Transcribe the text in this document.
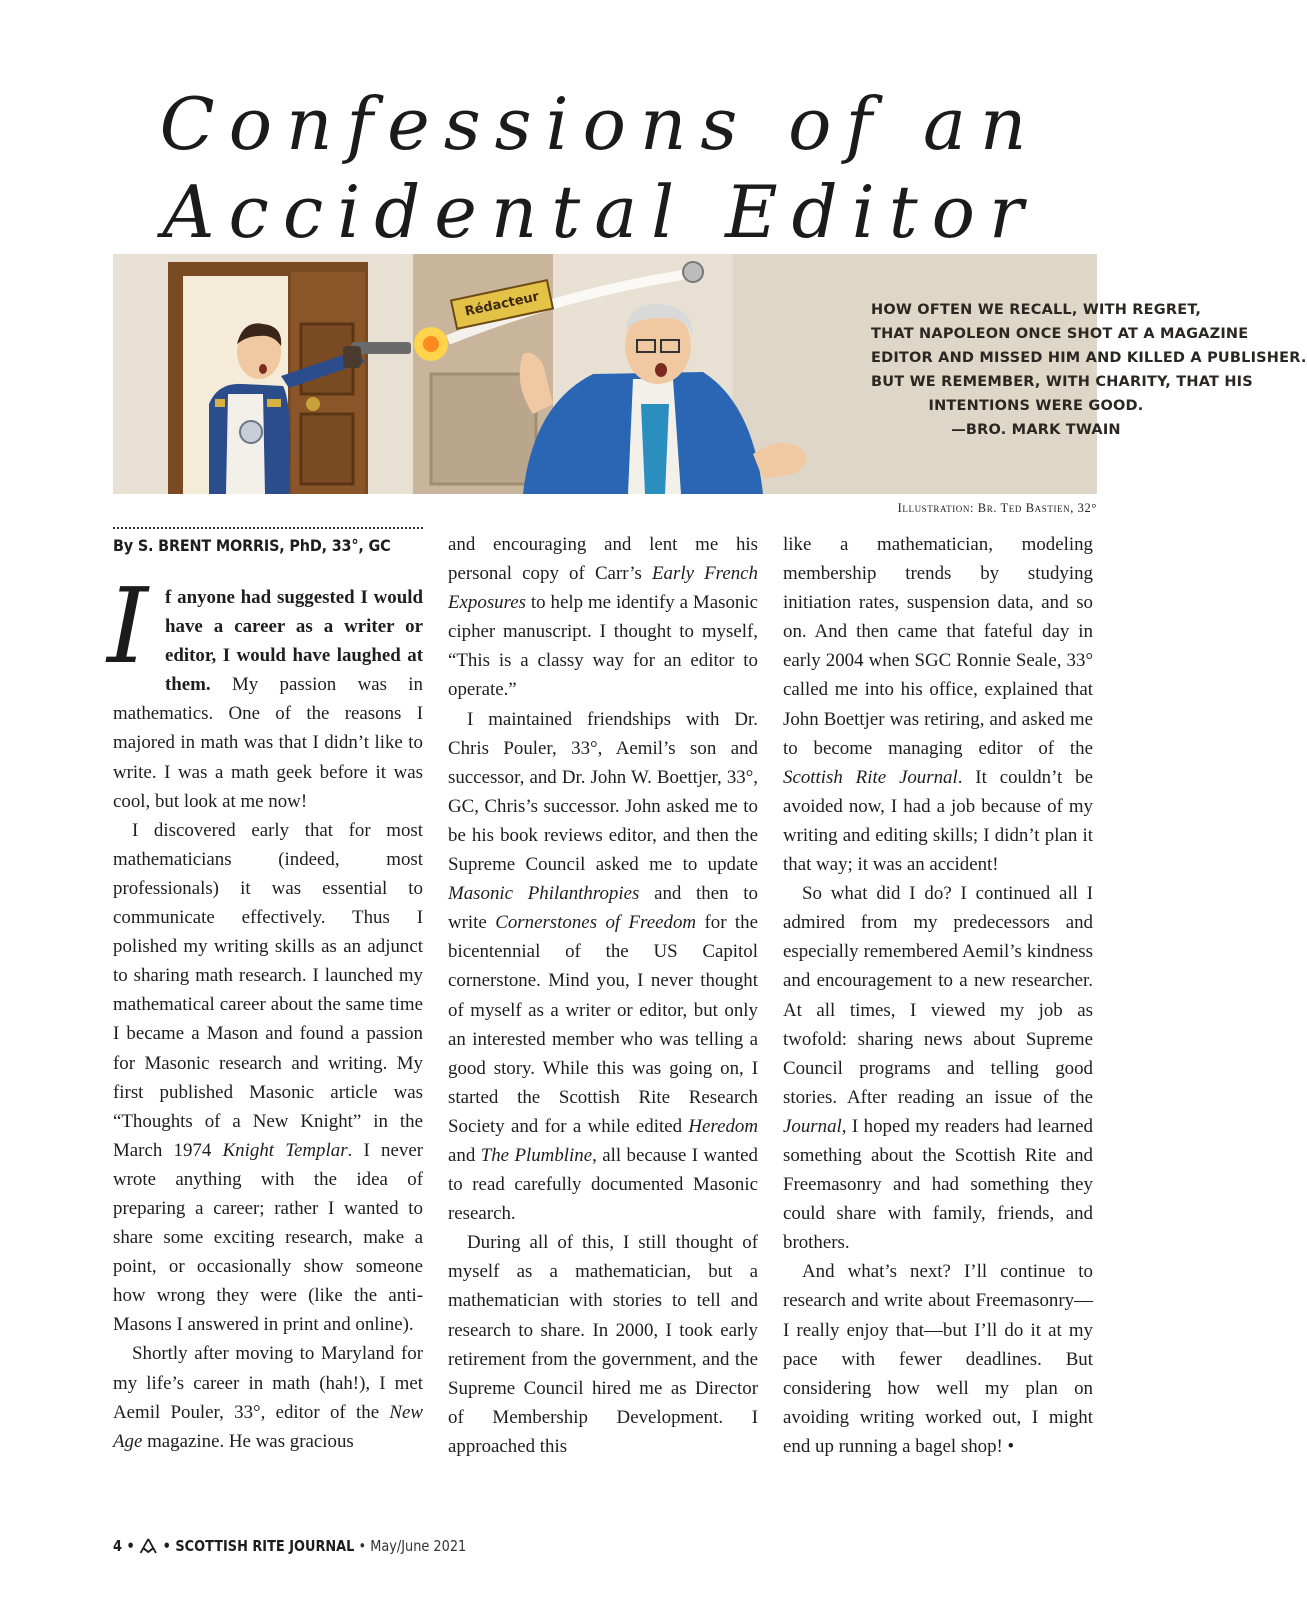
Confessions of an
Accidental Editor
Rédacteur	HOW OFTEN WE RECALL, WITH REGRET,
THAT NAPOLEON ONCE SHOT AT A MAGAZINE
EDITOR AND MISSED HIM AND KILLED A PUBLISHER.
BUT WE REMEMBER, WITH CHARITY, THAT HIS
INTENTIONS WERE GOOD.
—BRO. MARK TWAIN
Illustration: Br. Ted Bastien, 32°
By S. BRENT MORRIS, PhD, 33°, GC

If anyone had suggested I would have a career as a writer or editor, I would have laughed at them. My passion was in mathematics. One of the reasons I majored in math was that I didn’t like to write. I was a math geek before it was cool, but look at me now!

I discovered early that for most mathematicians (indeed, most professionals) it was essential to communicate effectively. Thus I polished my writing skills as an adjunct to sharing math research. I launched my mathematical career about the same time I became a Mason and found a passion for Masonic research and writing. My first published Masonic article was “Thoughts of a New Knight” in the March 1974 Knight Templar. I never wrote anything with the idea of preparing a career; rather I wanted to share some exciting research, make a point, or occasionally show someone how wrong they were (like the anti-Masons I answered in print and online).

Shortly after moving to Maryland for my life’s career in math (hah!), I met Aemil Pouler, 33°, editor of the New Age magazine. He was gracious

and encouraging and lent me his personal copy of Carr’s Early French Exposures to help me identify a Masonic cipher manuscript. I thought to myself, “This is a classy way for an editor to operate.”

I maintained friendships with Dr. Chris Pouler, 33°, Aemil’s son and successor, and Dr. John W. Boettjer, 33°, GC, Chris’s successor. John asked me to be his book reviews editor, and then the Supreme Council asked me to update Masonic Philanthropies and then to write Cornerstones of Freedom for the bicentennial of the US Capitol cornerstone. Mind you, I never thought of myself as a writer or editor, but only an interested member who was telling a good story. While this was going on, I started the Scottish Rite Research Society and for a while edited Heredom and The Plumbline, all because I wanted to read carefully documented Masonic research.

During all of this, I still thought of myself as a mathematician, but a mathematician with stories to tell and research to share. In 2000, I took early retirement from the government, and the Supreme Council hired me as Director of Membership Development. I approached this

like a mathematician, modeling membership trends by studying initiation rates, suspension data, and so on. And then came that fateful day in early 2004 when SGC Ronnie Seale, 33° called me into his office, explained that John Boettjer was retiring, and asked me to become managing editor of the Scottish Rite Journal. It couldn’t be avoided now, I had a job because of my writing and editing skills; I didn’t plan it that way; it was an accident!

So what did I do? I continued all I admired from my predecessors and especially remembered Aemil’s kindness and encouragement to a new researcher. At all times, I viewed my job as twofold: sharing news about Supreme Council programs and telling good stories. After reading an issue of the Journal, I hoped my readers had learned something about the Scottish Rite and Freemasonry and had something they could share with family, friends, and brothers.

And what’s next? I’ll continue to research and write about Freemasonry—I really enjoy that—but I’ll do it at my pace with fewer deadlines. But considering how well my plan on avoiding writing worked out, I might end up running a bagel shop! •

4 •  • SCOTTISH RITE JOURNAL • May/June 2021
